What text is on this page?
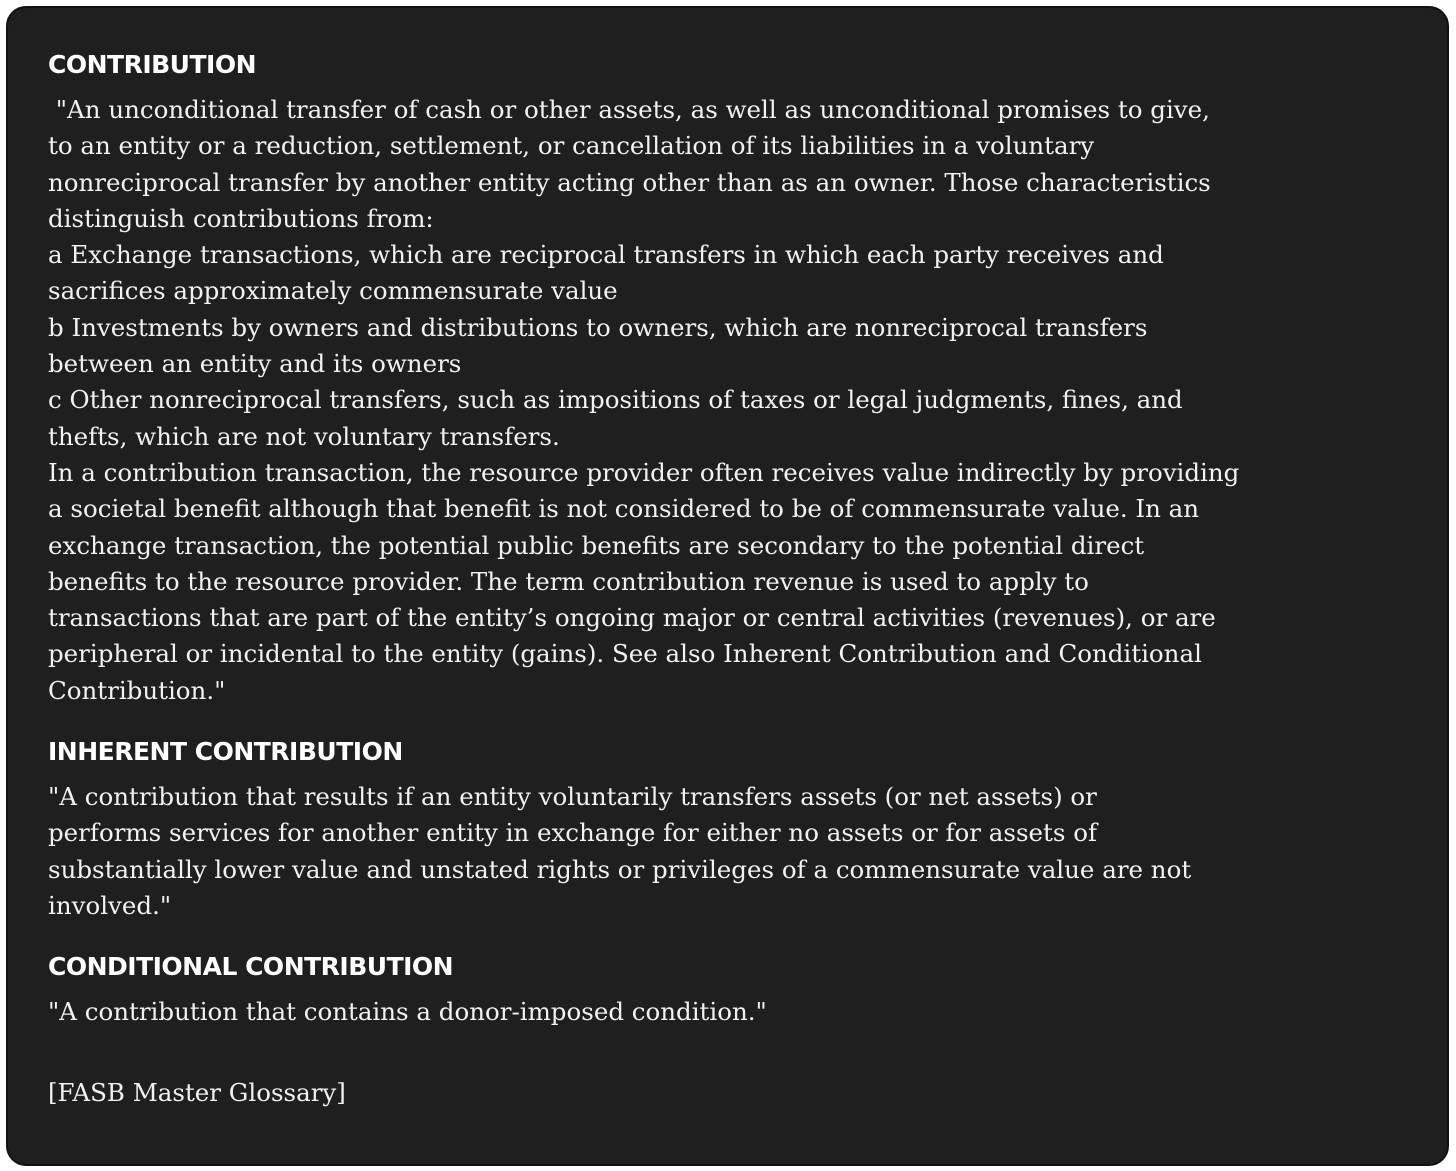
CONTRIBUTION

"An unconditional transfer of cash or other assets, as well as unconditional promises to give,
to an entity or a reduction, settlement, or cancellation of its liabilities in a voluntary
nonreciprocal transfer by another entity acting other than as an owner. Those characteristics
distinguish contributions from:
a Exchange transactions, which are reciprocal transfers in which each party receives and
sacrifices approximately commensurate value
b Investments by owners and distributions to owners, which are nonreciprocal transfers
between an entity and its owners
c Other nonreciprocal transfers, such as impositions of taxes or legal judgments, fines, and
thefts, which are not voluntary transfers.
In a contribution transaction, the resource provider often receives value indirectly by providing
a societal benefit although that benefit is not considered to be of commensurate value. In an
exchange transaction, the potential public benefits are secondary to the potential direct
benefits to the resource provider. The term contribution revenue is used to apply to
transactions that are part of the entity’s ongoing major or central activities (revenues), or are
peripheral or incidental to the entity (gains). See also Inherent Contribution and Conditional
Contribution."

INHERENT CONTRIBUTION

"A contribution that results if an entity voluntarily transfers assets (or net assets) or
performs services for another entity in exchange for either no assets or for assets of
substantially lower value and unstated rights or privileges of a commensurate value are not
involved."

CONDITIONAL CONTRIBUTION

"A contribution that contains a donor-imposed condition."

[FASB Master Glossary]
